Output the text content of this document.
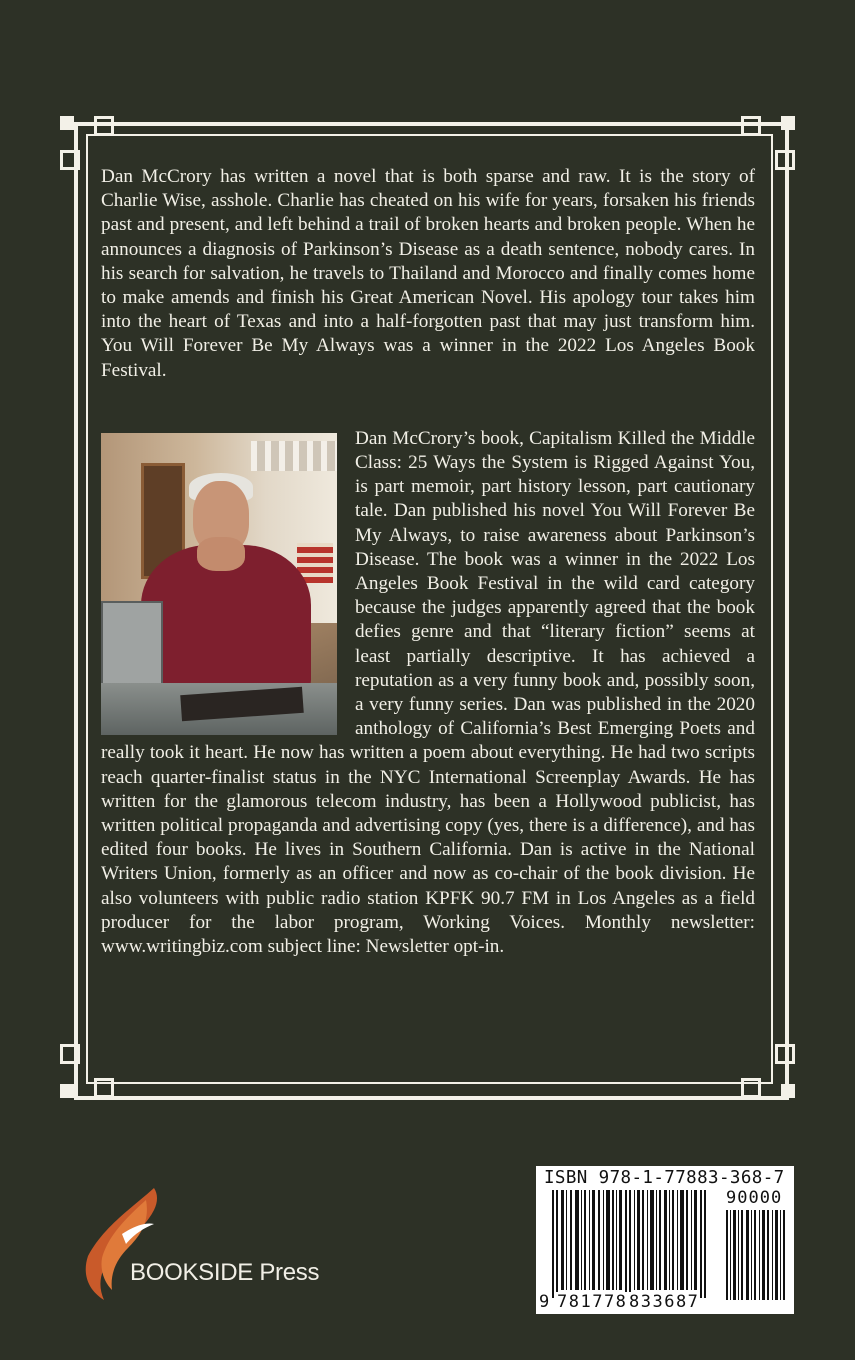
Dan McCrory has written a novel that is both sparse and raw. It is the story of Charlie Wise, asshole. Charlie has cheated on his wife for years, forsaken his friends past and present, and left behind a trail of broken hearts and broken people. When he announces a diagnosis of Parkinson’s Disease as a death sentence, nobody cares. In his search for salvation, he travels to Thailand and Morocco and finally comes home to make amends and finish his Great American Novel. His apology tour takes him into the heart of Texas and into a half-forgotten past that may just transform him. You Will Forever Be My Always was a winner in the 2022 Los Angeles Book Festival.

Dan McCrory’s book, Capitalism Killed the Middle Class: 25 Ways the System is Rigged Against You, is part memoir, part history lesson, part cautionary tale. Dan published his novel You Will Forever Be My Always, to raise awareness about Parkinson’s Disease. The book was a winner in the 2022 Los Angeles Book Festival in the wild card category because the judges apparently agreed that the book defies genre and that “literary fiction” seems at least partially descriptive. It has achieved a reputation as a very funny book and, possibly soon, a very funny series. Dan was published in the 2020 anthology of California’s Best Emerging Poets and really took it heart. He now has written a poem about everything. He had two scripts reach quarter-finalist status in the NYC International Screenplay Awards. He has written for the glamorous telecom industry, has been a Hollywood publicist, has written political propaganda and advertising copy (yes, there is a difference), and has edited four books. He lives in Southern California. Dan is active in the National Writers Union, formerly as an officer and now as co-chair of the book division. He also volunteers with public radio station KPFK 90.7 FM in Los Angeles as a field producer for the labor program, Working Voices. Monthly newsletter: www.writingbiz.com subject line: Newsletter opt-in.

BOOKSIDE Press
ISBN 978-1-77883-368-7
90000
9 781778 833687
